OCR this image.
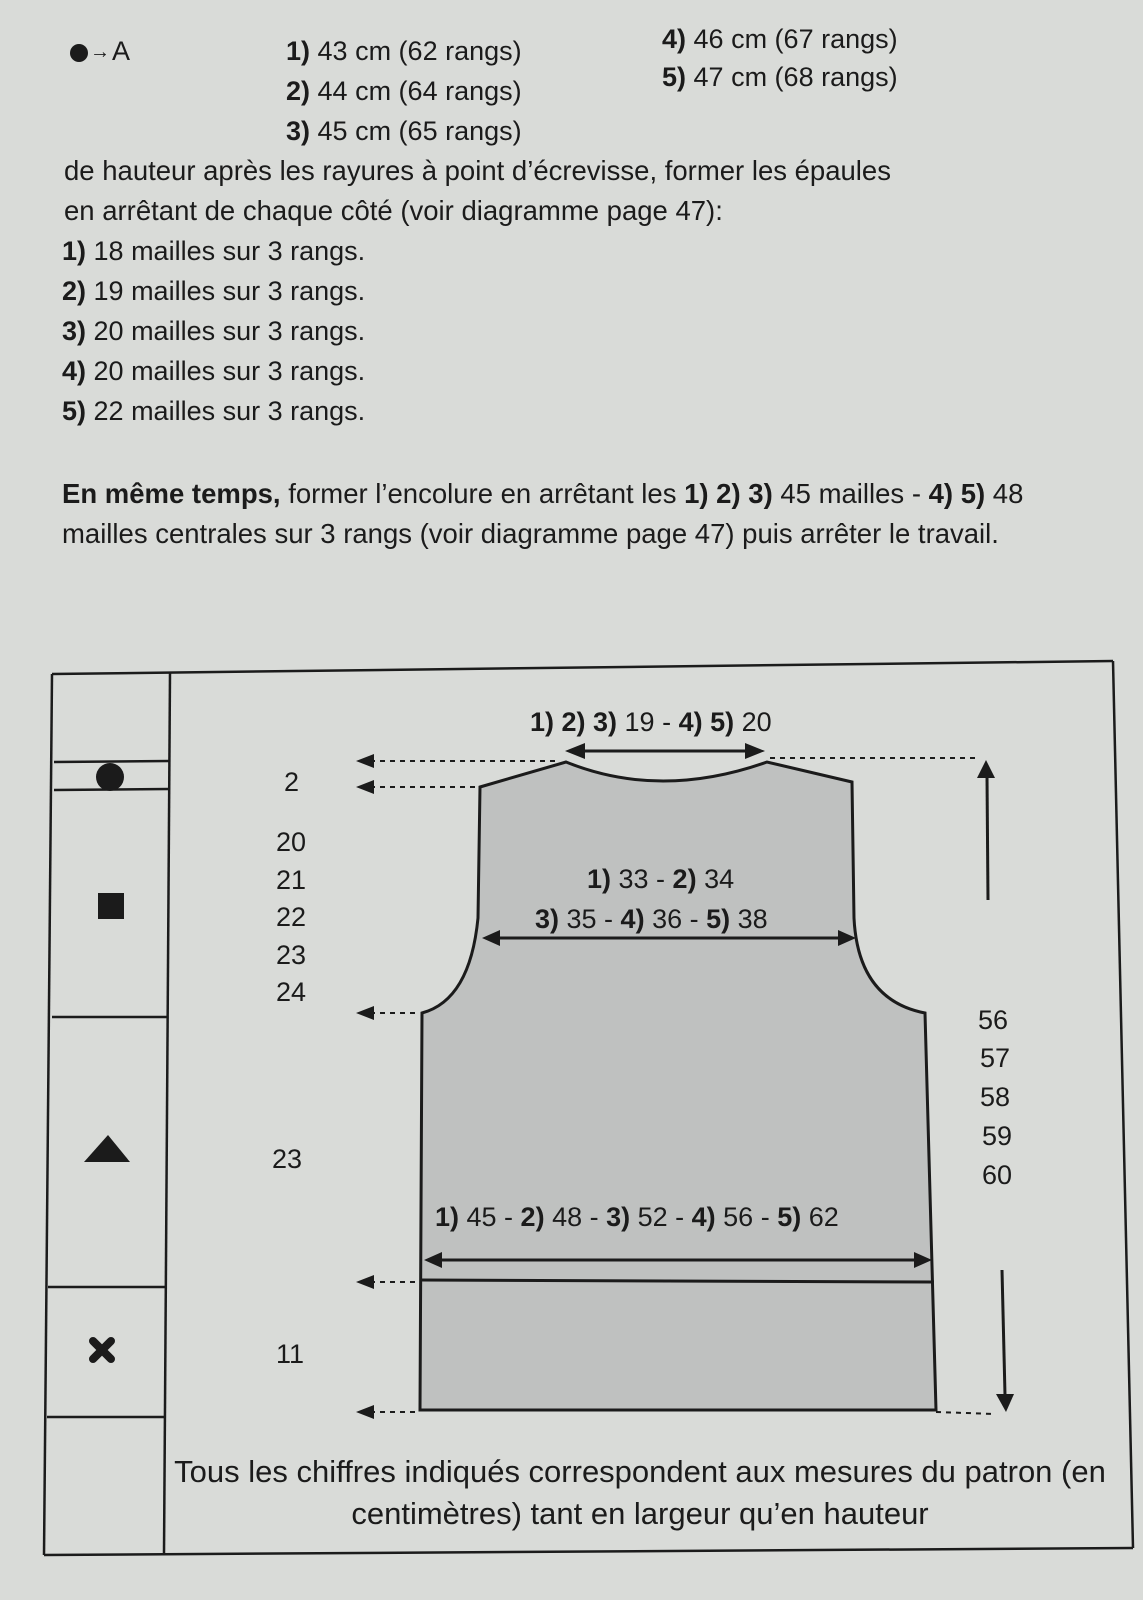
→A	1) 43 cm (62 rangs)
2) 44 cm (64 rangs)
3) 45 cm (65 rangs)
4) 46 cm (67 rangs)
5) 47 cm (68 rangs)
de hauteur après les rayures à point d’écrevisse, former les épaules
en arrêtant de chaque côté (voir diagramme page 47):
1) 18 mailles sur 3 rangs.
2) 19 mailles sur 3 rangs.
3) 20 mailles sur 3 rangs.
4) 20 mailles sur 3 rangs.
5) 22 mailles sur 3 rangs.
En même temps, former l’encolure en arrêtant les 1) 2) 3) 45 mailles - 4) 5) 48 mailles centrales sur 3 rangs (voir diagramme page 47) puis arrêter le travail.
1) 2) 3) 19 - 4) 5) 20
1) 33 - 2) 34
3) 35 - 4) 36 - 5) 38
1) 45 - 2) 48 - 3) 52 - 4) 56 - 5) 62
2
20
21
22
23
24
23
11
56
57
58
59
60
Tous les chiffres indiqués correspondent aux mesures du patron (en centimètres) tant en largeur qu’en hauteur
